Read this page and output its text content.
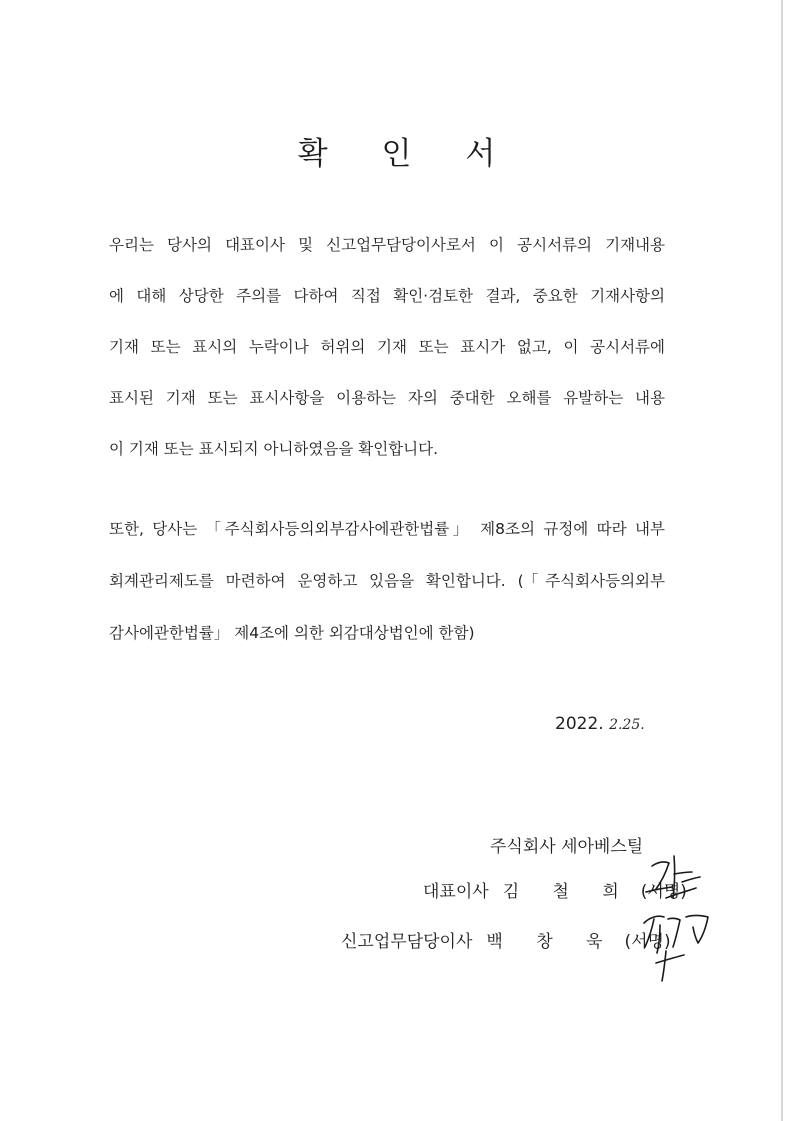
확 인 서
우리는 당사의 대표이사 및 신고업무담당이사로서 이 공시서류의 기재내용
에 대해 상당한 주의를 다하여 직접 확인·검토한 결과, 중요한 기재사항의
기재 또는 표시의 누락이나 허위의 기재 또는 표시가 없고, 이 공시서류에
표시된 기재 또는 표시사항을 이용하는 자의 중대한 오해를 유발하는 내용
이 기재 또는 표시되지 아니하였음을 확인합니다.
또한, 당사는 「주식회사등의외부감사에관한법률」 제8조의 규정에 따라 내부
회계관리제도를 마련하여 운영하고 있음을 확인합니다. (「주식회사등의외부
감사에관한법률」 제4조에 의한 외감대상법인에 한함)
2022. 2.25.
주식회사 세아베스틸
대표이사 김 철 희 (서명)
신고업무담당이사 백 창 욱 (서명)
